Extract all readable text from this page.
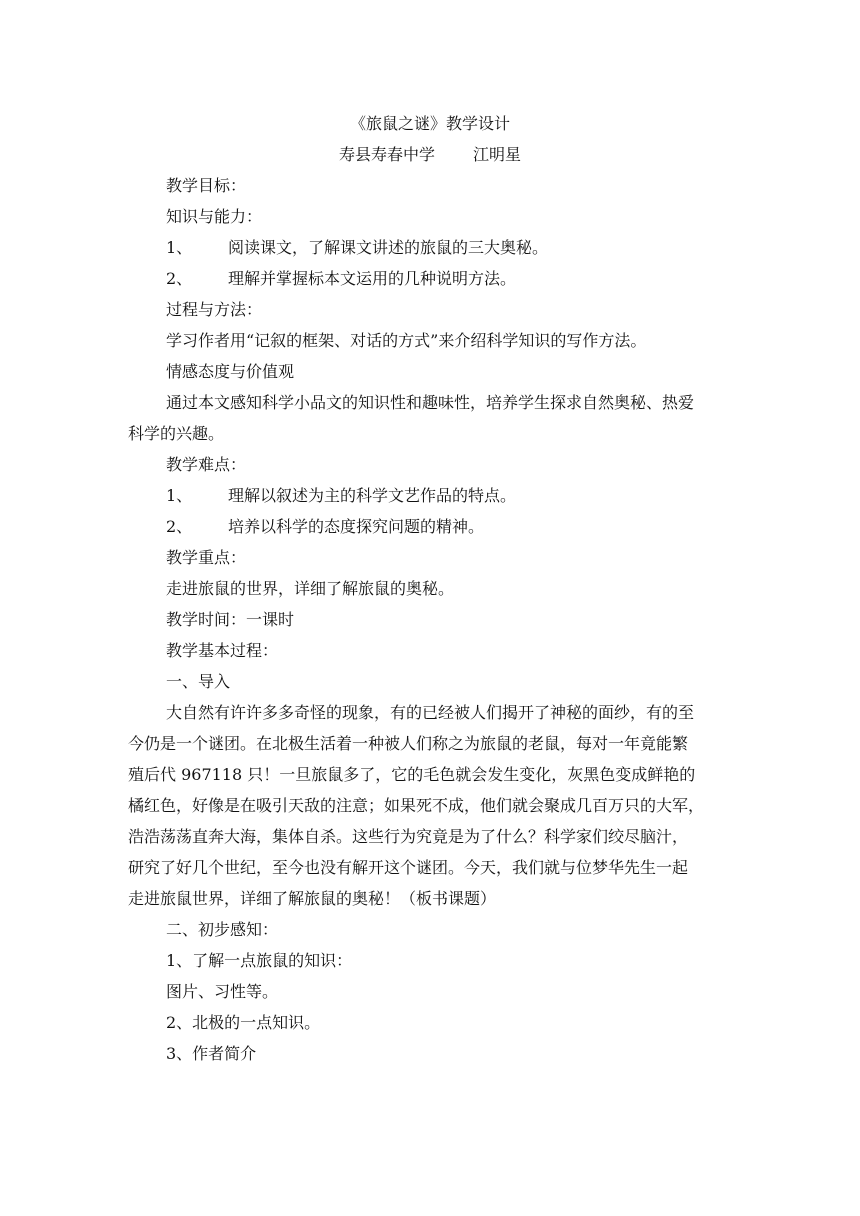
《旅鼠之谜》教学设计
寿县寿春中学 江明星
教学目标：
知识与能力：
1、 阅读课文，了解课文讲述的旅鼠的三大奥秘。
2、 理解并掌握标本文运用的几种说明方法。
过程与方法：
学习作者用“记叙的框架、对话的方式”来介绍科学知识的写作方法。
情感态度与价值观
通过本文感知科学小品文的知识性和趣味性，培养学生探求自然奥秘、热爱
科学的兴趣。
教学难点：
1、 理解以叙述为主的科学文艺作品的特点。
2、 培养以科学的态度探究问题的精神。
教学重点：
走进旅鼠的世界，详细了解旅鼠的奥秘。
教学时间：一课时
教学基本过程：
一、导入
大自然有许许多多奇怪的现象，有的已经被人们揭开了神秘的面纱，有的至
今仍是一个谜团。在北极生活着一种被人们称之为旅鼠的老鼠，每对一年竟能繁
殖后代 967118 只！一旦旅鼠多了，它的毛色就会发生变化，灰黑色变成鲜艳的
橘红色，好像是在吸引天敌的注意；如果死不成，他们就会聚成几百万只的大军，
浩浩荡荡直奔大海，集体自杀。这些行为究竟是为了什么？科学家们绞尽脑汁，
研究了好几个世纪，至今也没有解开这个谜团。今天，我们就与位梦华先生一起
走进旅鼠世界，详细了解旅鼠的奥秘！（板书课题）
二、初步感知：
1、了解一点旅鼠的知识：
图片、习性等。
2、北极的一点知识。
3、作者简介
